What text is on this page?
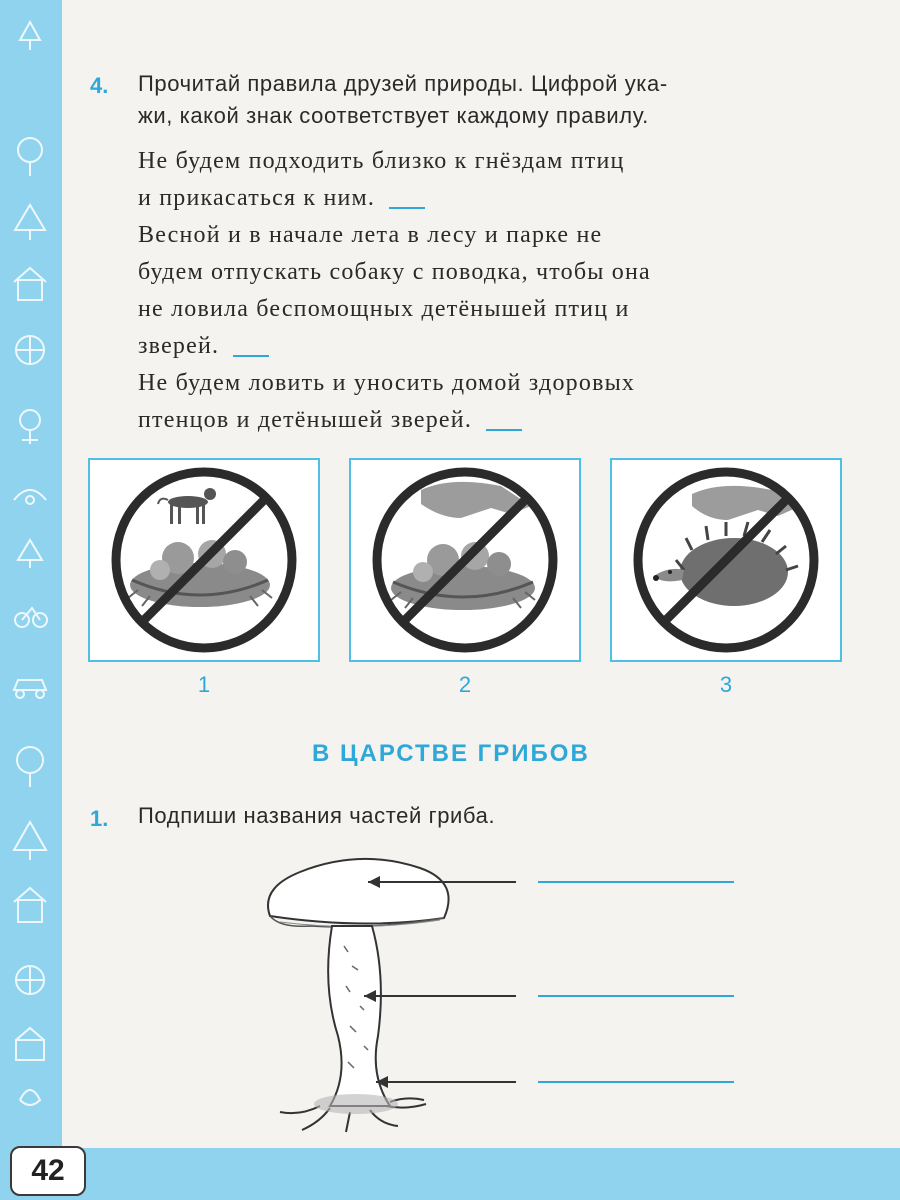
4. Прочитай правила друзей природы. Цифрой ука-
жи, какой знак соответствует каждому правилу.
Не будем подходить близко к гнёздам птиц
и прикасаться к ним.
Весной и в начале лета в лесу и парке не
будем отпускать собаку с поводка, чтобы она
не ловила беспомощных детёнышей птиц и
зверей.
Не будем ловить и уносить домой здоровых
птенцов и детёнышей зверей.
1	2	3
В ЦАРСТВЕ ГРИБОВ
1. Подпиши названия частей гриба.
42
